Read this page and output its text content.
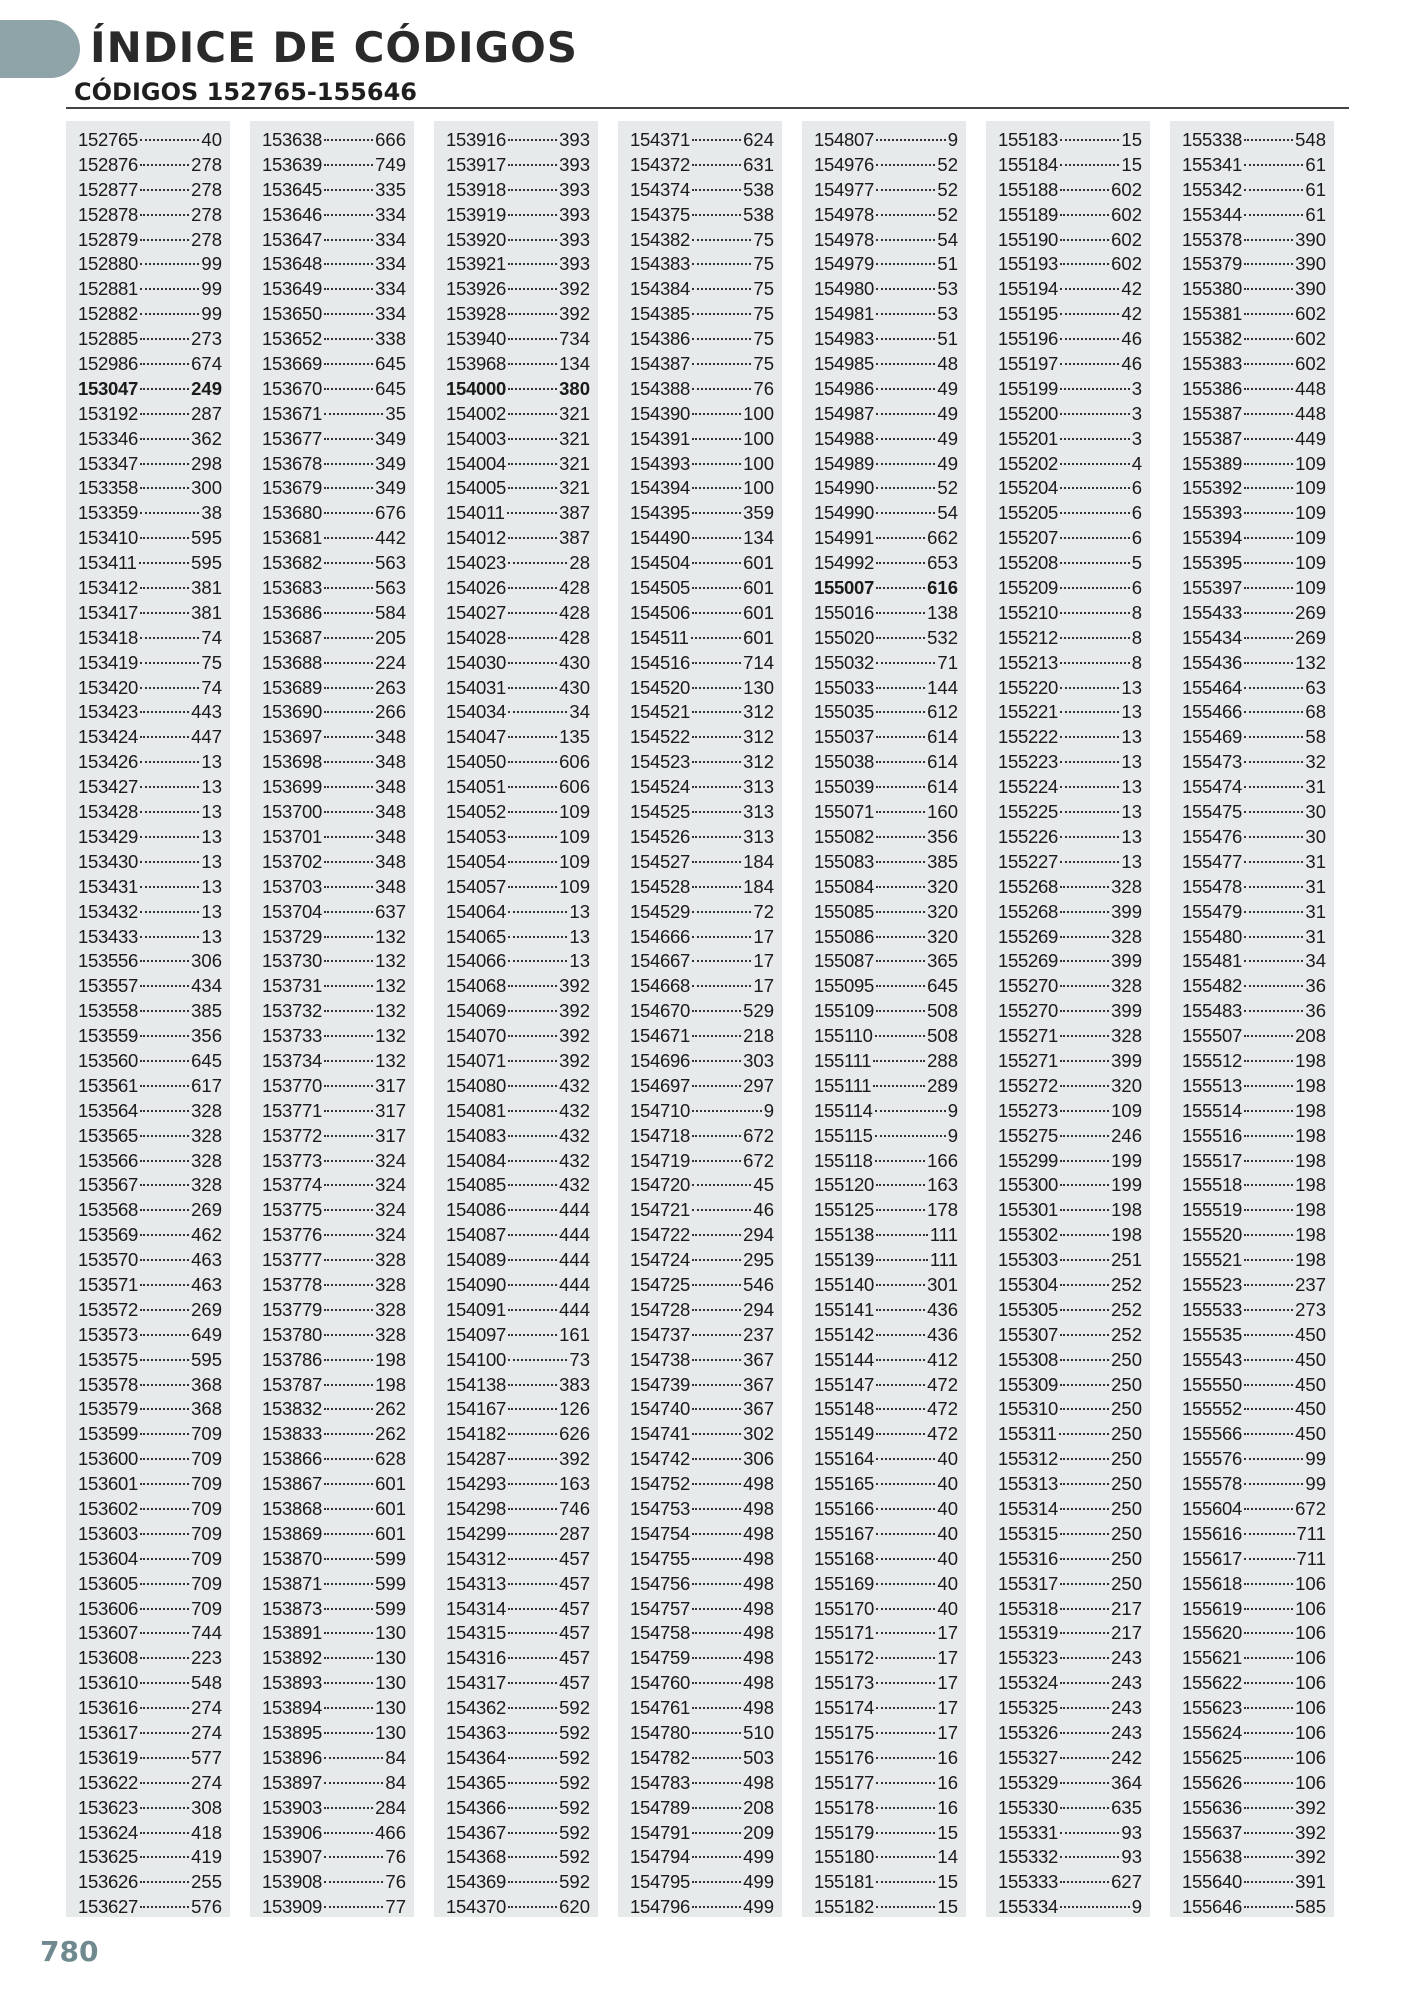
ÍNDICE DE CÓDIGOS
CÓDIGOS 152765-155646
152765	40
152876	278
152877	278
152878	278
152879	278
152880	99
152881	99
152882	99
152885	273
152986	674
153047	249
153192	287
153346	362
153347	298
153358	300
153359	38
153410	595
153411	595
153412	381
153417	381
153418	74
153419	75
153420	74
153423	443
153424	447
153426	13
153427	13
153428	13
153429	13
153430	13
153431	13
153432	13
153433	13
153556	306
153557	434
153558	385
153559	356
153560	645
153561	617
153564	328
153565	328
153566	328
153567	328
153568	269
153569	462
153570	463
153571	463
153572	269
153573	649
153575	595
153578	368
153579	368
153599	709
153600	709
153601	709
153602	709
153603	709
153604	709
153605	709
153606	709
153607	744
153608	223
153610	548
153616	274
153617	274
153619	577
153622	274
153623	308
153624	418
153625	419
153626	255
153627	576
153638	666
153639	749
153645	335
153646	334
153647	334
153648	334
153649	334
153650	334
153652	338
153669	645
153670	645
153671	35
153677	349
153678	349
153679	349
153680	676
153681	442
153682	563
153683	563
153686	584
153687	205
153688	224
153689	263
153690	266
153697	348
153698	348
153699	348
153700	348
153701	348
153702	348
153703	348
153704	637
153729	132
153730	132
153731	132
153732	132
153733	132
153734	132
153770	317
153771	317
153772	317
153773	324
153774	324
153775	324
153776	324
153777	328
153778	328
153779	328
153780	328
153786	198
153787	198
153832	262
153833	262
153866	628
153867	601
153868	601
153869	601
153870	599
153871	599
153873	599
153891	130
153892	130
153893	130
153894	130
153895	130
153896	84
153897	84
153903	284
153906	466
153907	76
153908	76
153909	77
153916	393
153917	393
153918	393
153919	393
153920	393
153921	393
153926	392
153928	392
153940	734
153968	134
154000	380
154002	321
154003	321
154004	321
154005	321
154011	387
154012	387
154023	28
154026	428
154027	428
154028	428
154030	430
154031	430
154034	34
154047	135
154050	606
154051	606
154052	109
154053	109
154054	109
154057	109
154064	13
154065	13
154066	13
154068	392
154069	392
154070	392
154071	392
154080	432
154081	432
154083	432
154084	432
154085	432
154086	444
154087	444
154089	444
154090	444
154091	444
154097	161
154100	73
154138	383
154167	126
154182	626
154287	392
154293	163
154298	746
154299	287
154312	457
154313	457
154314	457
154315	457
154316	457
154317	457
154362	592
154363	592
154364	592
154365	592
154366	592
154367	592
154368	592
154369	592
154370	620
154371	624
154372	631
154374	538
154375	538
154382	75
154383	75
154384	75
154385	75
154386	75
154387	75
154388	76
154390	100
154391	100
154393	100
154394	100
154395	359
154490	134
154504	601
154505	601
154506	601
154511	601
154516	714
154520	130
154521	312
154522	312
154523	312
154524	313
154525	313
154526	313
154527	184
154528	184
154529	72
154666	17
154667	17
154668	17
154670	529
154671	218
154696	303
154697	297
154710	9
154718	672
154719	672
154720	45
154721	46
154722	294
154724	295
154725	546
154728	294
154737	237
154738	367
154739	367
154740	367
154741	302
154742	306
154752	498
154753	498
154754	498
154755	498
154756	498
154757	498
154758	498
154759	498
154760	498
154761	498
154780	510
154782	503
154783	498
154789	208
154791	209
154794	499
154795	499
154796	499
154807	9
154976	52
154977	52
154978	52
154978	54
154979	51
154980	53
154981	53
154983	51
154985	48
154986	49
154987	49
154988	49
154989	49
154990	52
154990	54
154991	662
154992	653
155007	616
155016	138
155020	532
155032	71
155033	144
155035	612
155037	614
155038	614
155039	614
155071	160
155082	356
155083	385
155084	320
155085	320
155086	320
155087	365
155095	645
155109	508
155110	508
155111	288
155111	289
155114	9
155115	9
155118	166
155120	163
155125	178
155138	111
155139	111
155140	301
155141	436
155142	436
155144	412
155147	472
155148	472
155149	472
155164	40
155165	40
155166	40
155167	40
155168	40
155169	40
155170	40
155171	17
155172	17
155173	17
155174	17
155175	17
155176	16
155177	16
155178	16
155179	15
155180	14
155181	15
155182	15
155183	15
155184	15
155188	602
155189	602
155190	602
155193	602
155194	42
155195	42
155196	46
155197	46
155199	3
155200	3
155201	3
155202	4
155204	6
155205	6
155207	6
155208	5
155209	6
155210	8
155212	8
155213	8
155220	13
155221	13
155222	13
155223	13
155224	13
155225	13
155226	13
155227	13
155268	328
155268	399
155269	328
155269	399
155270	328
155270	399
155271	328
155271	399
155272	320
155273	109
155275	246
155299	199
155300	199
155301	198
155302	198
155303	251
155304	252
155305	252
155307	252
155308	250
155309	250
155310	250
155311	250
155312	250
155313	250
155314	250
155315	250
155316	250
155317	250
155318	217
155319	217
155323	243
155324	243
155325	243
155326	243
155327	242
155329	364
155330	635
155331	93
155332	93
155333	627
155334	9
155338	548
155341	61
155342	61
155344	61
155378	390
155379	390
155380	390
155381	602
155382	602
155383	602
155386	448
155387	448
155387	449
155389	109
155392	109
155393	109
155394	109
155395	109
155397	109
155433	269
155434	269
155436	132
155464	63
155466	68
155469	58
155473	32
155474	31
155475	30
155476	30
155477	31
155478	31
155479	31
155480	31
155481	34
155482	36
155483	36
155507	208
155512	198
155513	198
155514	198
155516	198
155517	198
155518	198
155519	198
155520	198
155521	198
155523	237
155533	273
155535	450
155543	450
155550	450
155552	450
155566	450
155576	99
155578	99
155604	672
155616	711
155617	711
155618	106
155619	106
155620	106
155621	106
155622	106
155623	106
155624	106
155625	106
155626	106
155636	392
155637	392
155638	392
155640	391
155646	585

780
